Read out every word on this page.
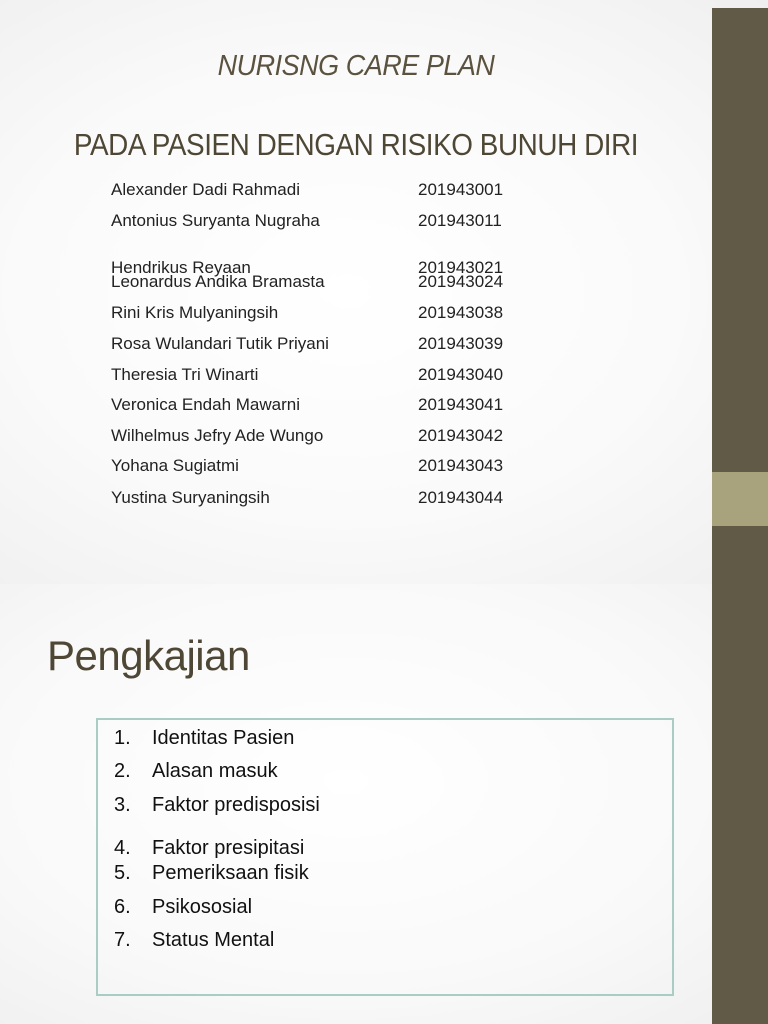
NURISNG CARE PLAN
PADA PASIEN DENGAN RISIKO BUNUH DIRI
Alexander Dadi Rahmadi	201943001
Antonius Suryanta Nugraha	201943011
Hendrikus Reyaan	201943021
Leonardus Andika Bramasta	201943024
Rini Kris Mulyaningsih	201943038
Rosa Wulandari Tutik Priyani	201943039
Theresia Tri Winarti	201943040
Veronica Endah Mawarni	201943041
Wilhelmus Jefry Ade Wungo	201943042
Yohana Sugiatmi	201943043
Yustina Suryaningsih	201943044
Pengkajian
1. Identitas Pasien
2. Alasan masuk
3. Faktor predisposisi
4. Faktor presipitasi
5. Pemeriksaan fisik
6. Psikososial
7. Status Mental
